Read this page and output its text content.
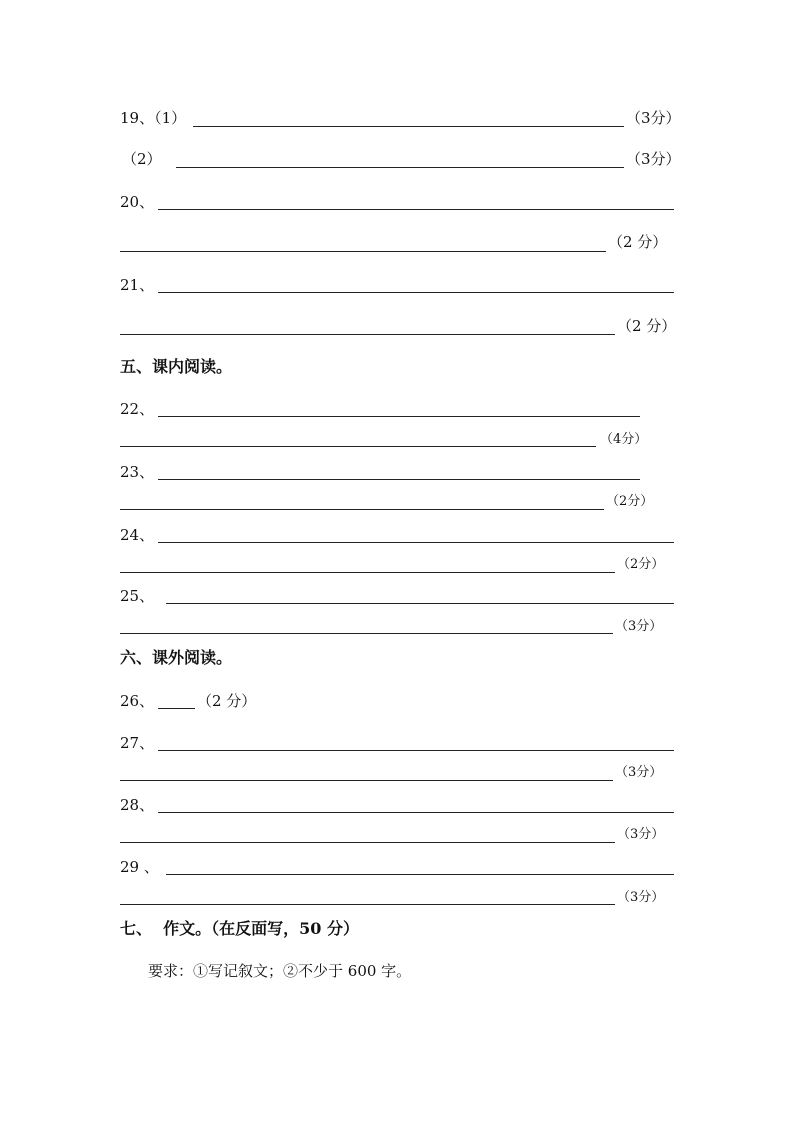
19、（1）	（3分）
（2）	（3分）
20、
（2 分）
21、
（2 分）
五、课内阅读。
22、
（4分）
23、
（2分）
24、
（2分）
25、
（3分）
六、课外阅读。
26、	（2 分）
27、
（3分）
28、
（3分）
29 、
（3分）
七、  作文。（在反面写，50 分）
要求：①写记叙文；②不少于 600 字。
